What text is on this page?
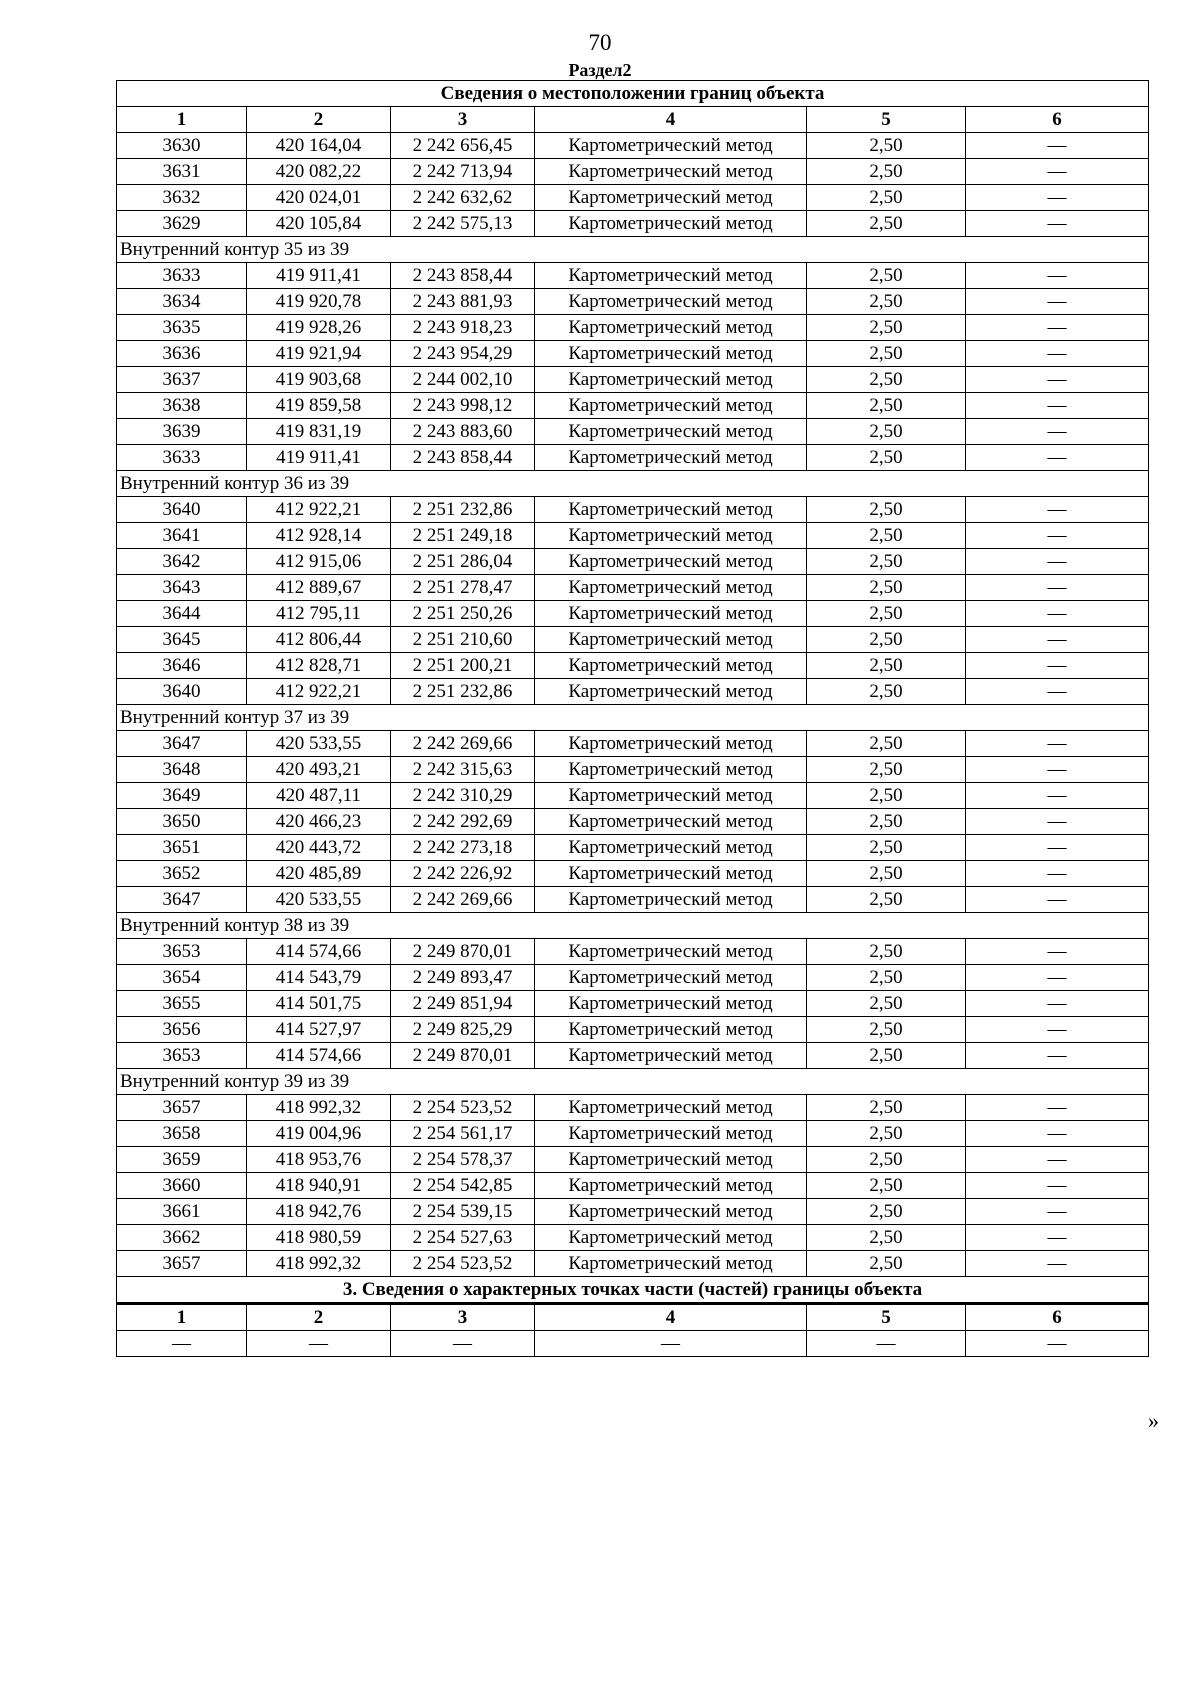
70
Раздел2
Сведения о местоположении границ объекта					
1	2	3	4	5	6
3630	420 164,04	2 242 656,45	Картометрический метод	2,50	—
3631	420 082,22	2 242 713,94	Картометрический метод	2,50	—
3632	420 024,01	2 242 632,62	Картометрический метод	2,50	—
3629	420 105,84	2 242 575,13	Картометрический метод	2,50	—
Внутренний контур 35 из 39					
3633	419 911,41	2 243 858,44	Картометрический метод	2,50	—
3634	419 920,78	2 243 881,93	Картометрический метод	2,50	—
3635	419 928,26	2 243 918,23	Картометрический метод	2,50	—
3636	419 921,94	2 243 954,29	Картометрический метод	2,50	—
3637	419 903,68	2 244 002,10	Картометрический метод	2,50	—
3638	419 859,58	2 243 998,12	Картометрический метод	2,50	—
3639	419 831,19	2 243 883,60	Картометрический метод	2,50	—
3633	419 911,41	2 243 858,44	Картометрический метод	2,50	—
Внутренний контур 36 из 39					
3640	412 922,21	2 251 232,86	Картометрический метод	2,50	—
3641	412 928,14	2 251 249,18	Картометрический метод	2,50	—
3642	412 915,06	2 251 286,04	Картометрический метод	2,50	—
3643	412 889,67	2 251 278,47	Картометрический метод	2,50	—
3644	412 795,11	2 251 250,26	Картометрический метод	2,50	—
3645	412 806,44	2 251 210,60	Картометрический метод	2,50	—
3646	412 828,71	2 251 200,21	Картометрический метод	2,50	—
3640	412 922,21	2 251 232,86	Картометрический метод	2,50	—
Внутренний контур 37 из 39					
3647	420 533,55	2 242 269,66	Картометрический метод	2,50	—
3648	420 493,21	2 242 315,63	Картометрический метод	2,50	—
3649	420 487,11	2 242 310,29	Картометрический метод	2,50	—
3650	420 466,23	2 242 292,69	Картометрический метод	2,50	—
3651	420 443,72	2 242 273,18	Картометрический метод	2,50	—
3652	420 485,89	2 242 226,92	Картометрический метод	2,50	—
3647	420 533,55	2 242 269,66	Картометрический метод	2,50	—
Внутренний контур 38 из 39					
3653	414 574,66	2 249 870,01	Картометрический метод	2,50	—
3654	414 543,79	2 249 893,47	Картометрический метод	2,50	—
3655	414 501,75	2 249 851,94	Картометрический метод	2,50	—
3656	414 527,97	2 249 825,29	Картометрический метод	2,50	—
3653	414 574,66	2 249 870,01	Картометрический метод	2,50	—
Внутренний контур 39 из 39					
3657	418 992,32	2 254 523,52	Картометрический метод	2,50	—
3658	419 004,96	2 254 561,17	Картометрический метод	2,50	—
3659	418 953,76	2 254 578,37	Картометрический метод	2,50	—
3660	418 940,91	2 254 542,85	Картометрический метод	2,50	—
3661	418 942,76	2 254 539,15	Картометрический метод	2,50	—
3662	418 980,59	2 254 527,63	Картометрический метод	2,50	—
3657	418 992,32	2 254 523,52	Картометрический метод	2,50	—
3. Сведения о характерных точках части (частей) границы объекта					
1	2	3	4	5	6
—	—	—	—	—	—
»
